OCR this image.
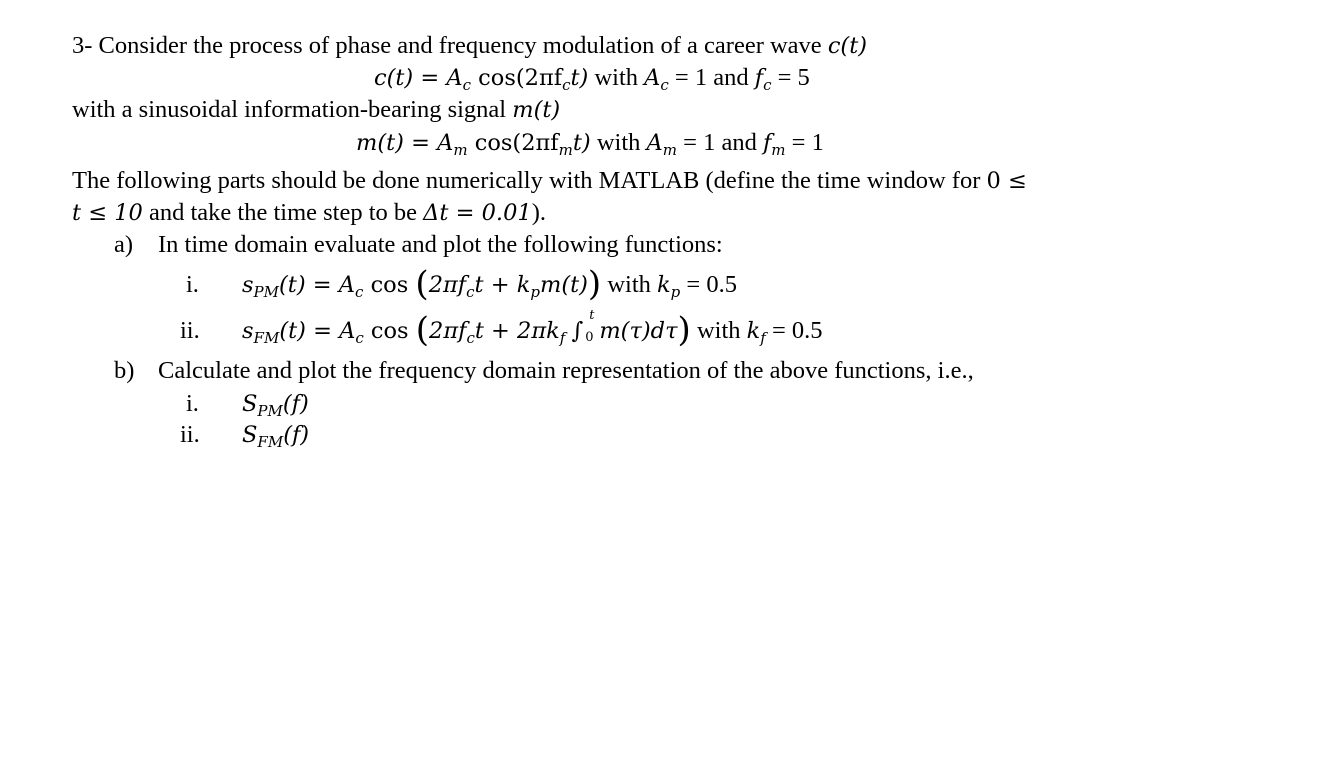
3- Consider the process of phase and frequency modulation of a career wave c(t)
$c(t) = A_c$ $\cos(2\pi f_ct)$ with $A_c = 1$ and $f_c = 5$
with a sinusoidal information-bearing signal m(t)
$m(t) = A_m$ $\cos(2\pi f_mt)$ with $A_m = 1$ and $f_m = 1$
The following parts should be done numerically with MATLAB (define the time window for 0 ≤
t ≤ 10 and take the time step to be Δt = 0.01).
a) In time domain evaluate and plot the following functions:
i. $s_{PM}(t) = A_c$ $\cos (2\pi f_ct + k_pm(t))$ with $k_p = 0.5$
ii. $s_{FM}(t) = A_c$ $\cos (2\pi f_ct + 2\pi k_f$ ∫
t
0 m(τ)dτ) with $k_f = 0.5$
b) Calculate and plot the frequency domain representation of the above functions, i.e.,
i. $S_{PM}(f)$
ii. $S_{FM}(f)$
